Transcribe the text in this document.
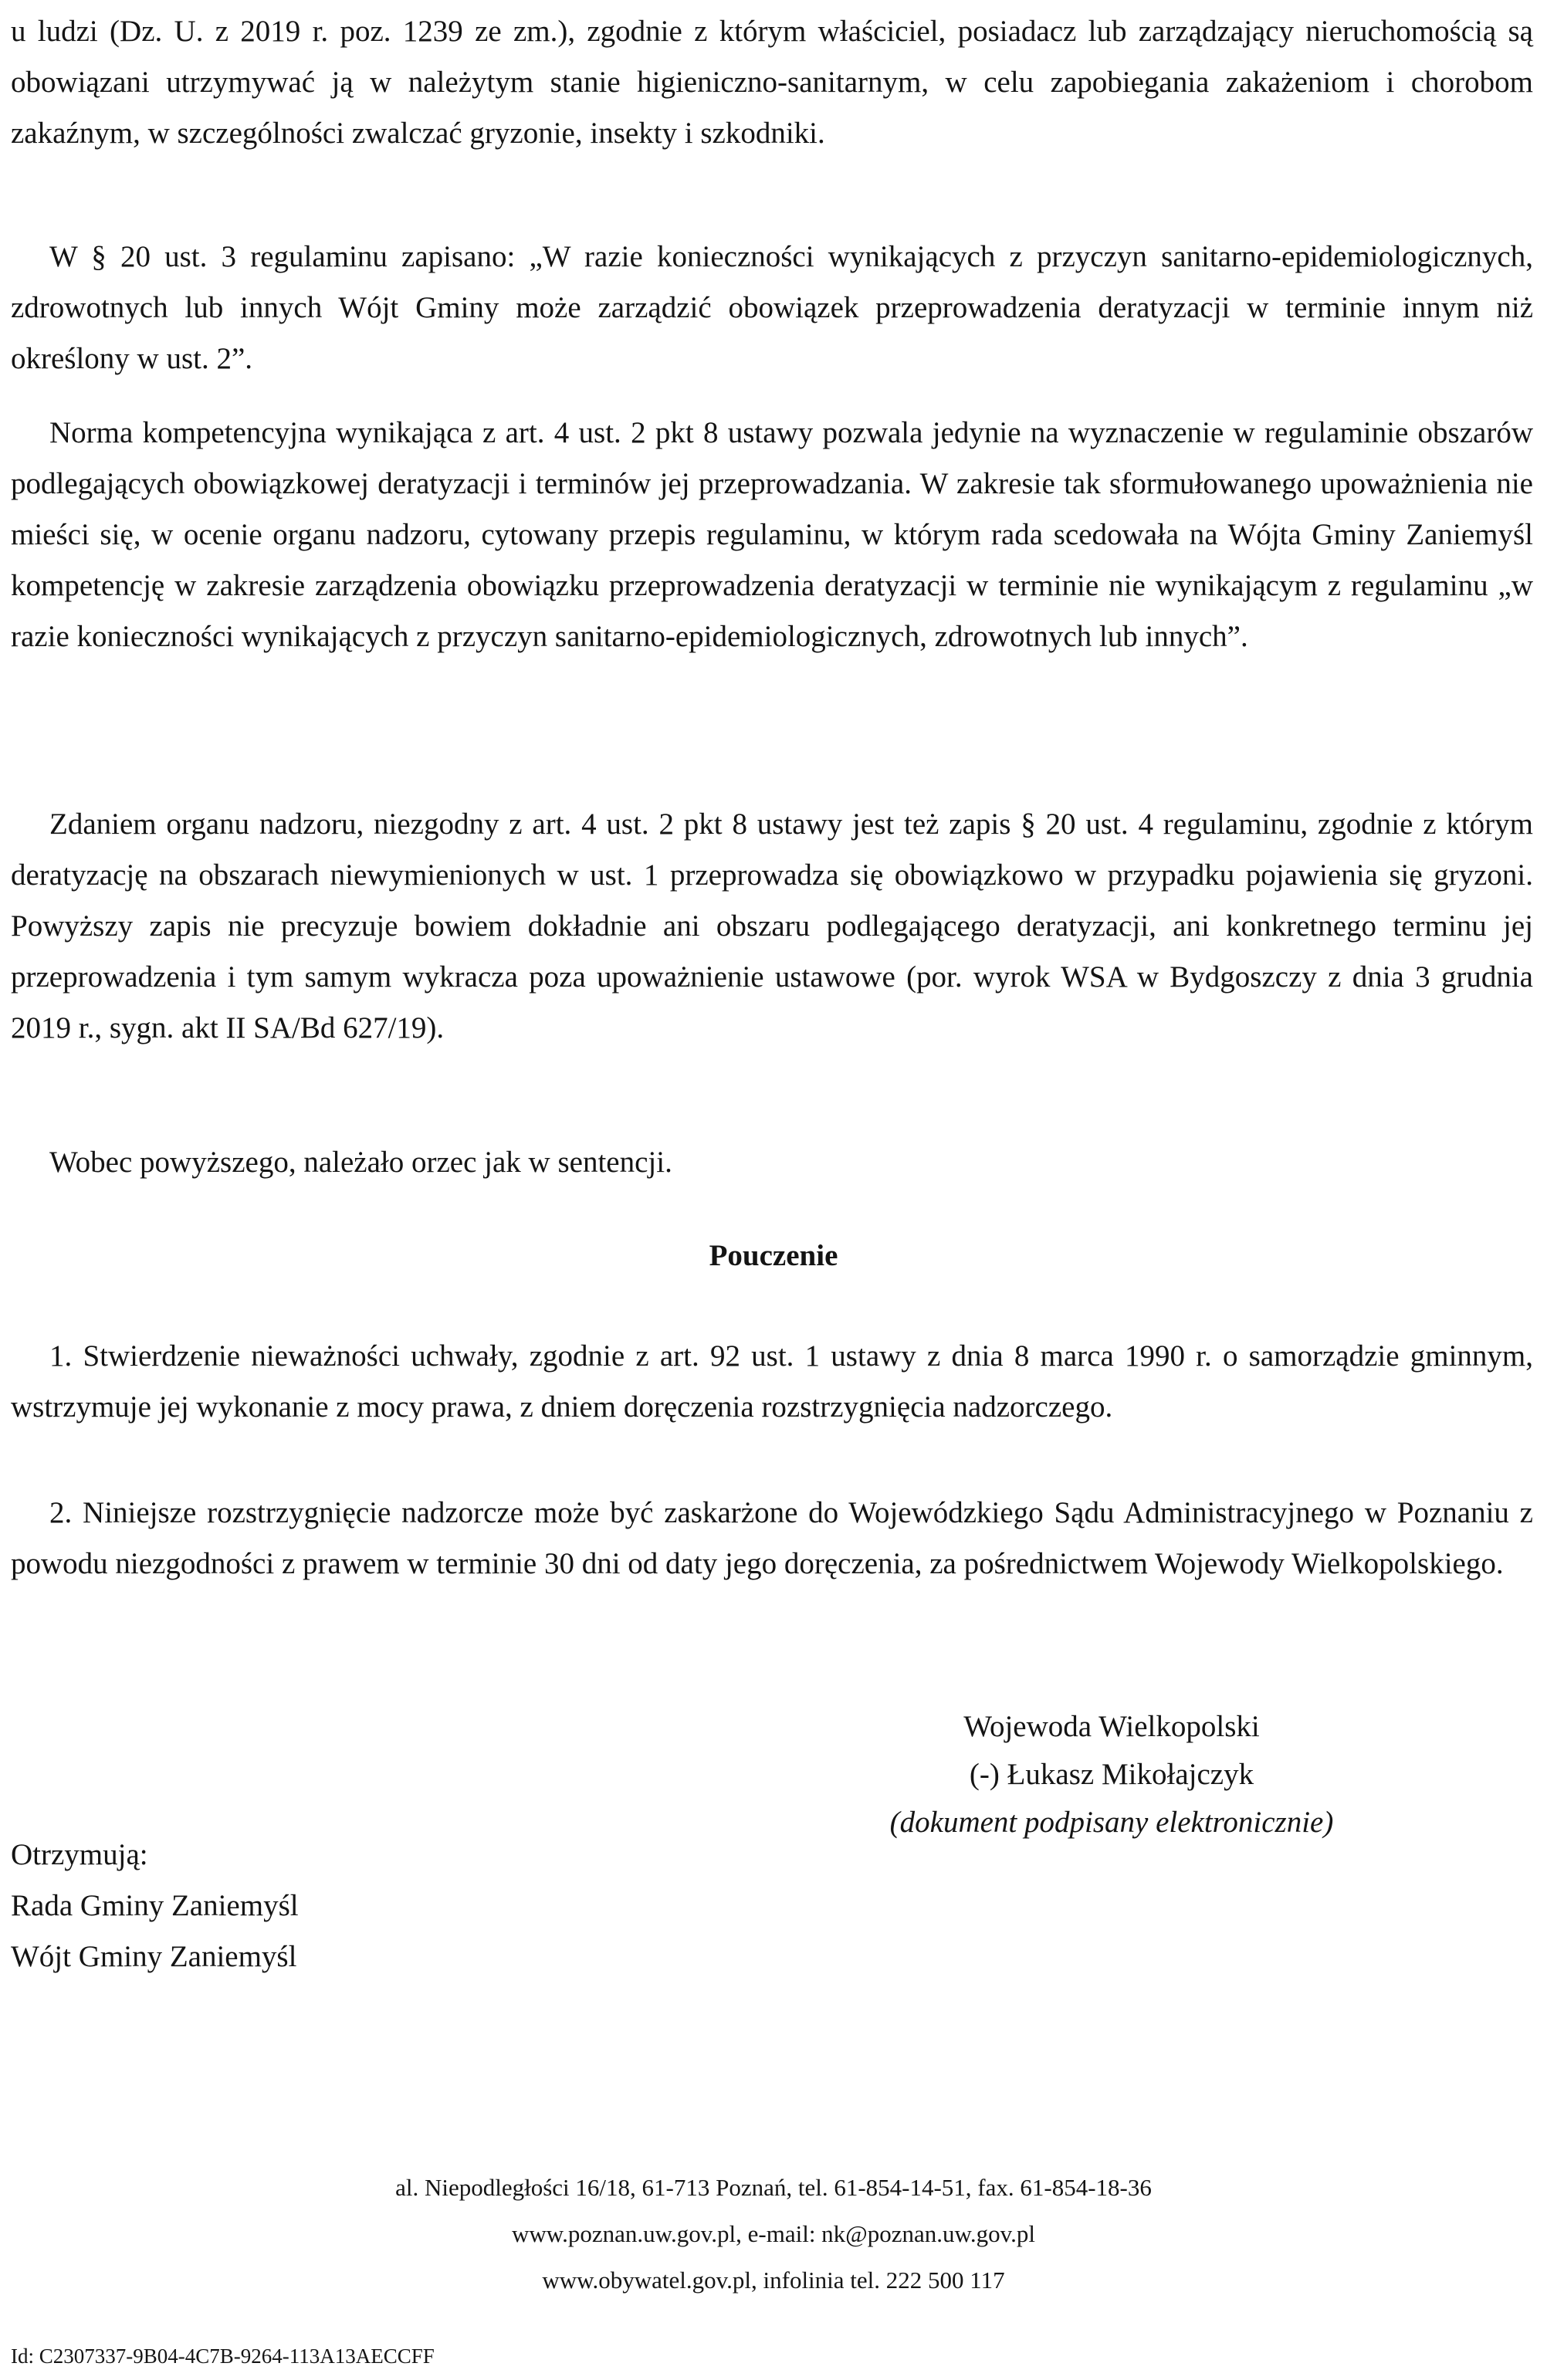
u ludzi (Dz. U. z 2019 r. poz. 1239 ze zm.), zgodnie z którym właściciel, posiadacz lub zarządzający nieruchomością są obowiązani utrzymywać ją w należytym stanie higieniczno-sanitarnym, w celu zapobiegania zakażeniom i chorobom zakaźnym, w szczególności zwalczać gryzonie, insekty i szkodniki.

W § 20 ust. 3 regulaminu zapisano: „W razie konieczności wynikających z przyczyn sanitarno-epidemiologicznych, zdrowotnych lub innych Wójt Gminy może zarządzić obowiązek przeprowadzenia deratyzacji w terminie innym niż określony w ust. 2”.

Norma kompetencyjna wynikająca z art. 4 ust. 2 pkt 8 ustawy pozwala jedynie na wyznaczenie w regulaminie obszarów podlegających obowiązkowej deratyzacji i terminów jej przeprowadzania. W zakresie tak sformułowanego upoważnienia nie mieści się, w ocenie organu nadzoru, cytowany przepis regulaminu, w którym rada scedowała na Wójta Gminy Zaniemyśl kompetencję w zakresie zarządzenia obowiązku przeprowadzenia deratyzacji w terminie nie wynikającym z regulaminu „w razie konieczności wynikających z przyczyn sanitarno-epidemiologicznych, zdrowotnych lub innych”.

Zdaniem organu nadzoru, niezgodny z art. 4 ust. 2 pkt 8 ustawy jest też zapis § 20 ust. 4 regulaminu, zgodnie z którym deratyzację na obszarach niewymienionych w ust. 1 przeprowadza się obowiązkowo w przypadku pojawienia się gryzoni. Powyższy zapis nie precyzuje bowiem dokładnie ani obszaru podlegającego deratyzacji, ani konkretnego terminu jej przeprowadzenia i tym samym wykracza poza upoważnienie ustawowe (por. wyrok WSA w Bydgoszczy z dnia 3 grudnia 2019 r., sygn. akt II SA/Bd 627/19).

Wobec powyższego, należało orzec jak w sentencji.

Pouczenie

1. Stwierdzenie nieważności uchwały, zgodnie z art. 92 ust. 1 ustawy z dnia 8 marca 1990 r. o samorządzie gminnym, wstrzymuje jej wykonanie z mocy prawa, z dniem doręczenia rozstrzygnięcia nadzorczego.

2. Niniejsze rozstrzygnięcie nadzorcze może być zaskarżone do Wojewódzkiego Sądu Administracyjnego w Poznaniu z powodu niezgodności z prawem w terminie 30 dni od daty jego doręczenia, za pośrednictwem Wojewody Wielkopolskiego.

Wojewoda Wielkopolski
(-) Łukasz Mikołajczyk
(dokument podpisany elektronicznie)
Otrzymują:
Rada Gminy Zaniemyśl
Wójt Gminy Zaniemyśl
al. Niepodległości 16/18, 61-713 Poznań, tel. 61-854-14-51, fax. 61-854-18-36
www.poznan.uw.gov.pl, e-mail: nk@poznan.uw.gov.pl
www.obywatel.gov.pl, infolinia tel. 222 500 117
Id: C2307337-9B04-4C7B-9264-113A13AECCFF
